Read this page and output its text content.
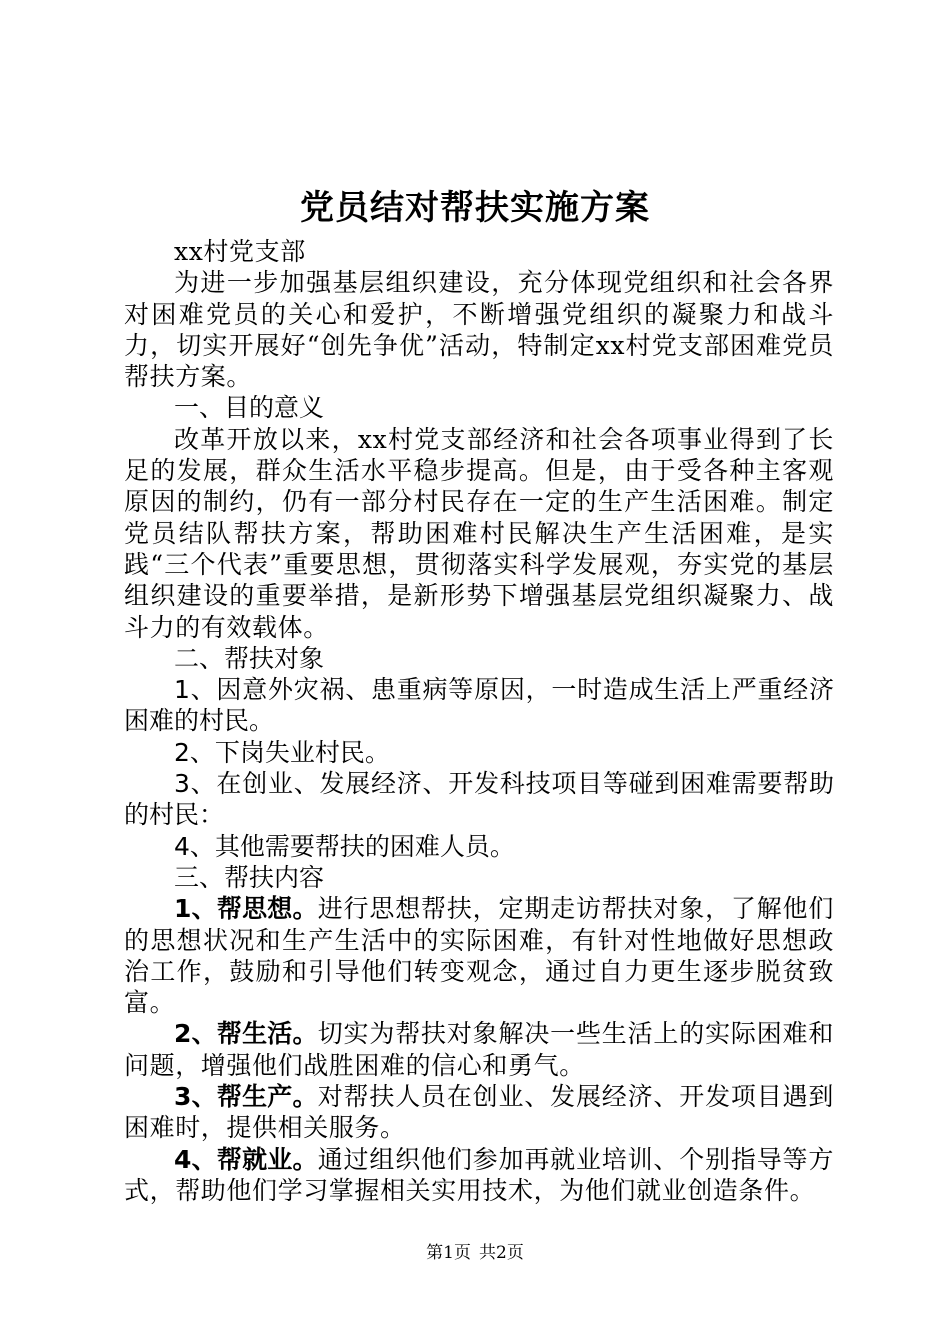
党员结对帮扶实施方案

xx村党支部

为进一步加强基层组织建设，充分体现党组织和社会各界对困难党员的关心和爱护，不断增强党组织的凝聚力和战斗力，切实开展好“创先争优”活动，特制定xx村党支部困难党员帮扶方案。

一、目的意义

改革开放以来，xx村党支部经济和社会各项事业得到了长足的发展，群众生活水平稳步提高。但是，由于受各种主客观原因的制约，仍有一部分村民存在一定的生产生活困难。制定党员结队帮扶方案，帮助困难村民解决生产生活困难，是实践“三个代表”重要思想，贯彻落实科学发展观，夯实党的基层组织建设的重要举措，是新形势下增强基层党组织凝聚力、战斗力的有效载体。

二、帮扶对象

1、因意外灾祸、患重病等原因，一时造成生活上严重经济困难的村民。

2、下岗失业村民。

3、在创业、发展经济、开发科技项目等碰到困难需要帮助的村民：

4、其他需要帮扶的困难人员。

三、帮扶内容

1、帮思想。进行思想帮扶，定期走访帮扶对象，了解他们的思想状况和生产生活中的实际困难，有针对性地做好思想政治工作，鼓励和引导他们转变观念，通过自力更生逐步脱贫致富。

2、帮生活。切实为帮扶对象解决一些生活上的实际困难和问题，增强他们战胜困难的信心和勇气。

3、帮生产。对帮扶人员在创业、发展经济、开发项目遇到困难时，提供相关服务。

4、帮就业。通过组织他们参加再就业培训、个别指导等方式，帮助他们学习掌握相关实用技术，为他们就业创造条件。

第1页 共2页
